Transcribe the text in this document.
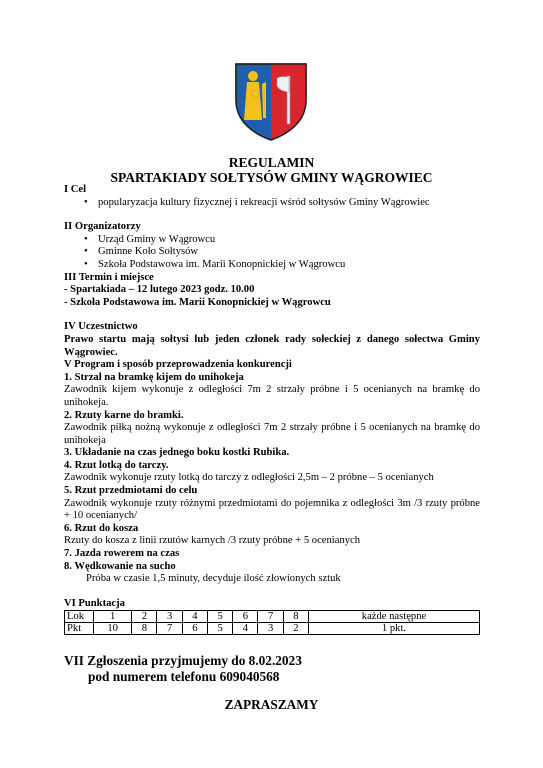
REGULAMIN
SPARTAKIADY SOŁTYSÓW GMINY WĄGROWIEC

I Cel

• popularyzacja kultury fizycznej i rekreacji wśród sołtysów Gminy Wągrowiec

II Organizatorzy

• Urząd Gminy w Wągrowcu

• Gminne Koło Sołtysów

• Szkoła Podstawowa im. Marii Konopnickiej w Wągrowcu

III Termin i miejsce

- Spartakiada – 12 lutego 2023 godz. 10.00

- Szkoła Podstawowa im. Marii Konopnickiej w Wągrowcu

IV Uczestnictwo

Prawo startu mają sołtysi lub jeden członek rady sołeckiej z danego sołectwa Gminy Wągrowiec.

V Program i sposób przeprowadzenia konkurencji

1. Strzał na bramkę kijem do unihokeja

Zawodnik kijem wykonuje z odległości 7m 2 strzały próbne i 5 ocenianych na bramkę do unihokeja.

2. Rzuty karne do bramki.

Zawodnik piłką nożną wykonuje z odległości 7m 2 strzały próbne i 5 ocenianych na bramkę do unihokeja

3. Układanie na czas jednego boku kostki Rubika.

4. Rzut lotką do tarczy.

Zawodnik wykonuje rzuty lotką do tarczy z odległości 2,5m – 2 próbne – 5 ocenianych

5. Rzut przedmiotami do celu

Zawodnik wykonuje rzuty różnymi przedmiotami do pojemnika z odległości 3m /3 rzuty próbne + 10 ocenianych/

6. Rzut do kosza

Rzuty do kosza z linii rzutów karnych /3 rzuty próbne + 5 ocenianych

7. Jazda rowerem na czas

8. Wędkowanie na sucho

Próba w czasie 1,5 minuty, decyduje ilość złowionych sztuk

VI Punktacja

Lok	1	2	3	4	5	6	7	8	każde następne
Pkt	10	8	7	6	5	4	3	2	1 pkt.
VII Zgłoszenia przyjmujemy do 8.02.2023
pod numerem telefonu 609040568
ZAPRASZAMY
